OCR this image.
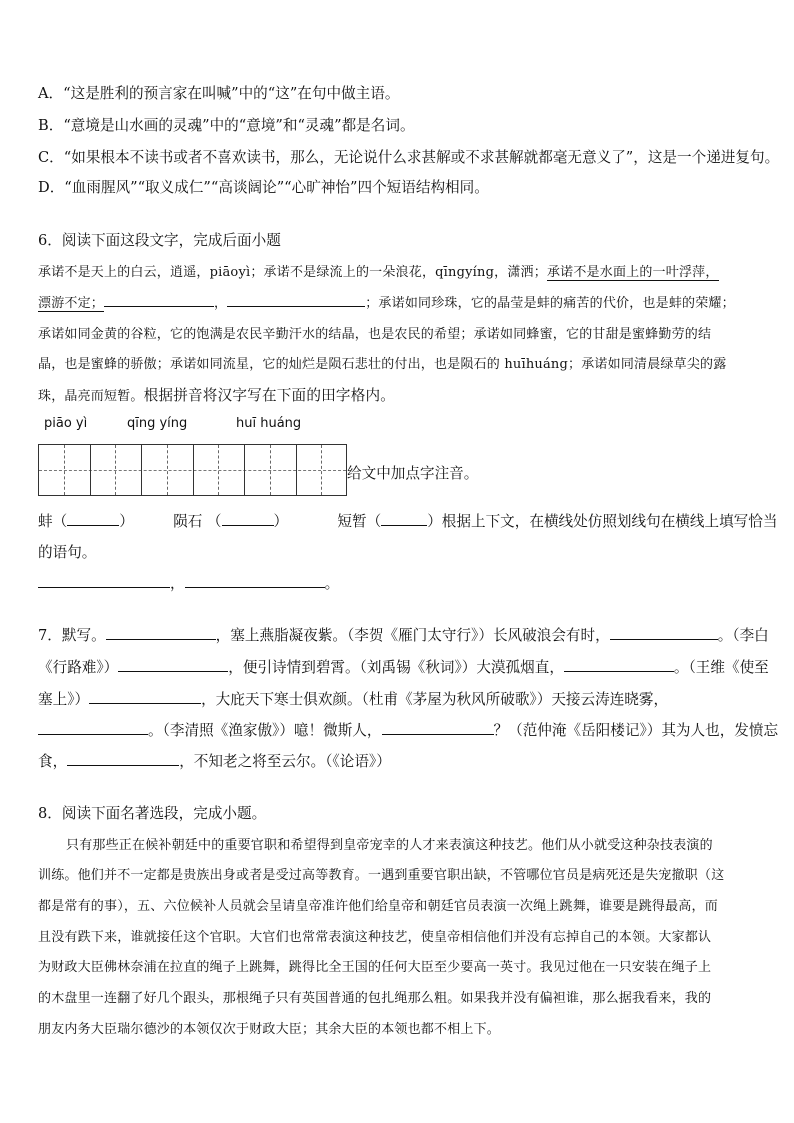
A．“这是胜利的预言家在叫喊”中的“这”在句中做主语。
B．“意境是山水画的灵魂”中的“意境”和“灵魂”都是名词。
C．“如果根本不读书或者不喜欢读书，那么，无论说什么求甚解或不求甚解就都毫无意义了”，这是一个递进复句。
D．“血雨腥风”“取义成仁”“高谈阔论”“心旷神怡”四个短语结构相同。
6．阅读下面这段文字，完成后面小题
承诺不是天上的白云，逍遥，piāoyì；承诺不是绿流上的一朵浪花，qīngyíng，潇洒；承诺不是水面上的一叶浮萍，
漂游不定；	，	；承诺如同珍珠，它的晶莹是蚌的痛苦的代价，也是蚌的荣耀；
承诺如同金黄的谷粒，它的饱满是农民辛勤汗水的结晶，也是农民的希望；承诺如同蜂蜜，它的甘甜是蜜蜂勤劳的结
晶，也是蜜蜂的骄傲；承诺如同流星，它的灿烂是陨石悲壮的付出，也是陨石的 huīhuáng；承诺如同清晨绿草尖的露
珠，晶亮而短暂。根据拼音将汉字写在下面的田字格内。
piāo yì	qīng yíng	huī huáng
给文中加点字注音。
蚌（	）	陨石 （	）	短暂（	）根据上下文，在横线处仿照划线句在横线上填写恰当
的语句。
，	。
7．默写。	，塞上燕脂凝夜紫。（李贺《雁门太守行》）长风破浪会有时，	。（李白
《行路难》）	，便引诗情到碧霄。（刘禹锡《秋词》）大漠孤烟直，	。（王维《使至
塞上》）	，大庇天下寒士俱欢颜。（杜甫《茅屋为秋风所破歌》）天接云涛连晓雾，
。（李清照《渔家傲》）噫！微斯人，	？（范仲淹《岳阳楼记》）其为人也，发愤忘
食，	，不知老之将至云尔。（《论语》）
8．阅读下面名著选段，完成小题。
只有那些正在候补朝廷中的重要官职和希望得到皇帝宠幸的人才来表演这种技艺。他们从小就受这种杂技表演的
训练。他们并不一定都是贵族出身或者是受过高等教育。一遇到重要官职出缺，不管哪位官员是病死还是失宠撤职（这
都是常有的事），五、六位候补人员就会呈请皇帝准许他们给皇帝和朝廷官员表演一次绳上跳舞，谁要是跳得最高，而
且没有跌下来，谁就接任这个官职。大官们也常常表演这种技艺，使皇帝相信他们并没有忘掉自己的本领。大家都认
为财政大臣佛林奈浦在拉直的绳子上跳舞，跳得比全王国的任何大臣至少要高一英寸。我见过他在一只安装在绳子上
的木盘里一连翻了好几个跟头，那根绳子只有英国普通的包扎绳那么粗。如果我并没有偏袒谁，那么据我看来，我的
朋友内务大臣瑞尔德沙的本领仅次于财政大臣；其余大臣的本领也都不相上下。
